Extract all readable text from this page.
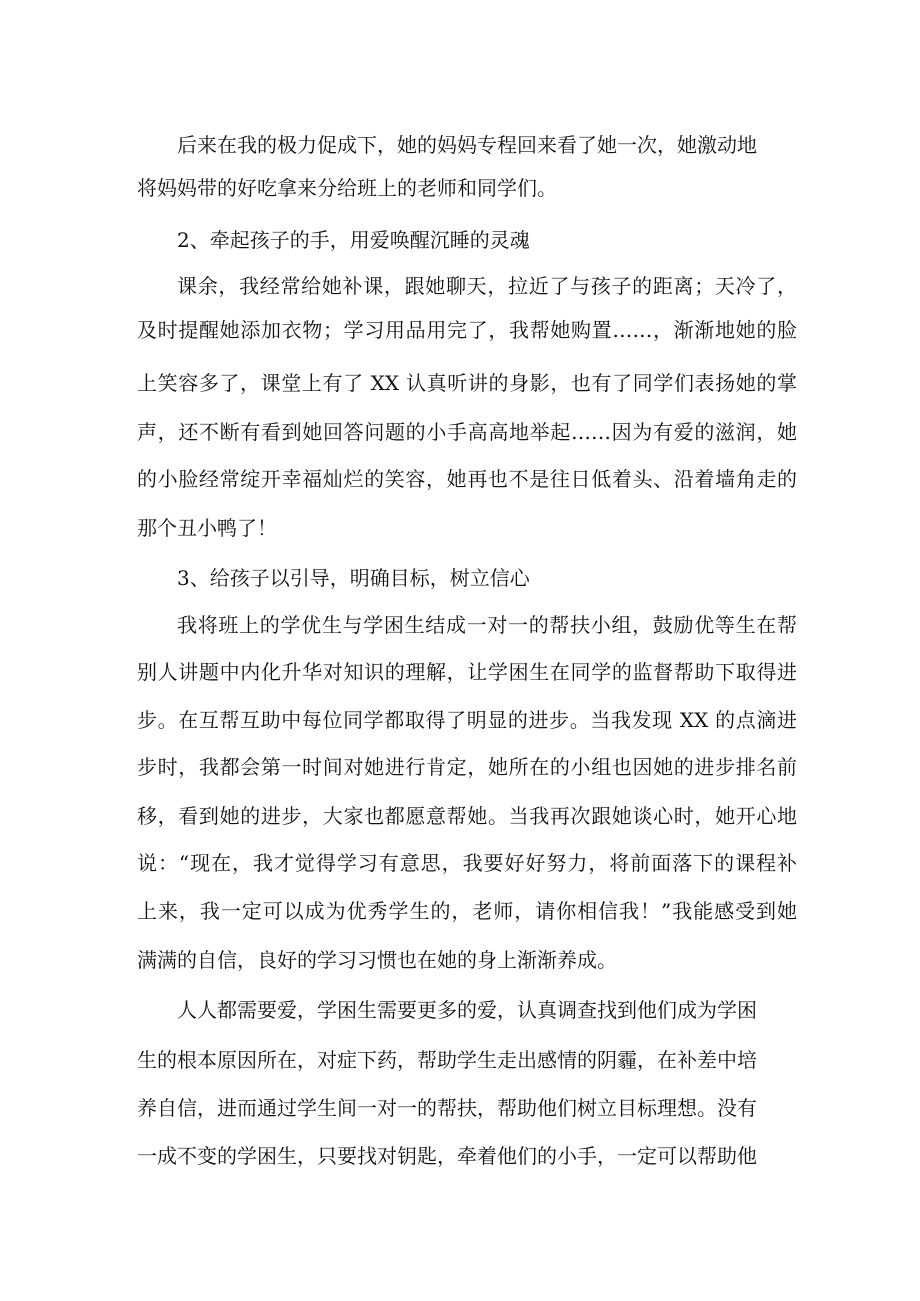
后来在我的极力促成下，她的妈妈专程回来看了她一次，她激动地
将妈妈带的好吃拿来分给班上的老师和同学们。
2、牵起孩子的手，用爱唤醒沉睡的灵魂
课余，我经常给她补课，跟她聊天，拉近了与孩子的距离；天冷了，
及时提醒她添加衣物；学习用品用完了，我帮她购置……，渐渐地她的脸
上笑容多了，课堂上有了 XX 认真听讲的身影，也有了同学们表扬她的掌
声，还不断有看到她回答问题的小手高高地举起……因为有爱的滋润，她
的小脸经常绽开幸福灿烂的笑容，她再也不是往日低着头、沿着墙角走的
那个丑小鸭了！
3、给孩子以引导，明确目标，树立信心
我将班上的学优生与学困生结成一对一的帮扶小组，鼓励优等生在帮
别人讲题中内化升华对知识的理解，让学困生在同学的监督帮助下取得进
步。在互帮互助中每位同学都取得了明显的进步。当我发现 XX 的点滴进
步时，我都会第一时间对她进行肯定，她所在的小组也因她的进步排名前
移，看到她的进步，大家也都愿意帮她。当我再次跟她谈心时，她开心地
说：“现在，我才觉得学习有意思，我要好好努力，将前面落下的课程补
上来，我一定可以成为优秀学生的，老师，请你相信我！”我能感受到她
满满的自信，良好的学习习惯也在她的身上渐渐养成。
人人都需要爱，学困生需要更多的爱，认真调查找到他们成为学困
生的根本原因所在，对症下药，帮助学生走出感情的阴霾，在补差中培
养自信，进而通过学生间一对一的帮扶，帮助他们树立目标理想。没有
一成不变的学困生，只要找对钥匙，牵着他们的小手，一定可以帮助他
